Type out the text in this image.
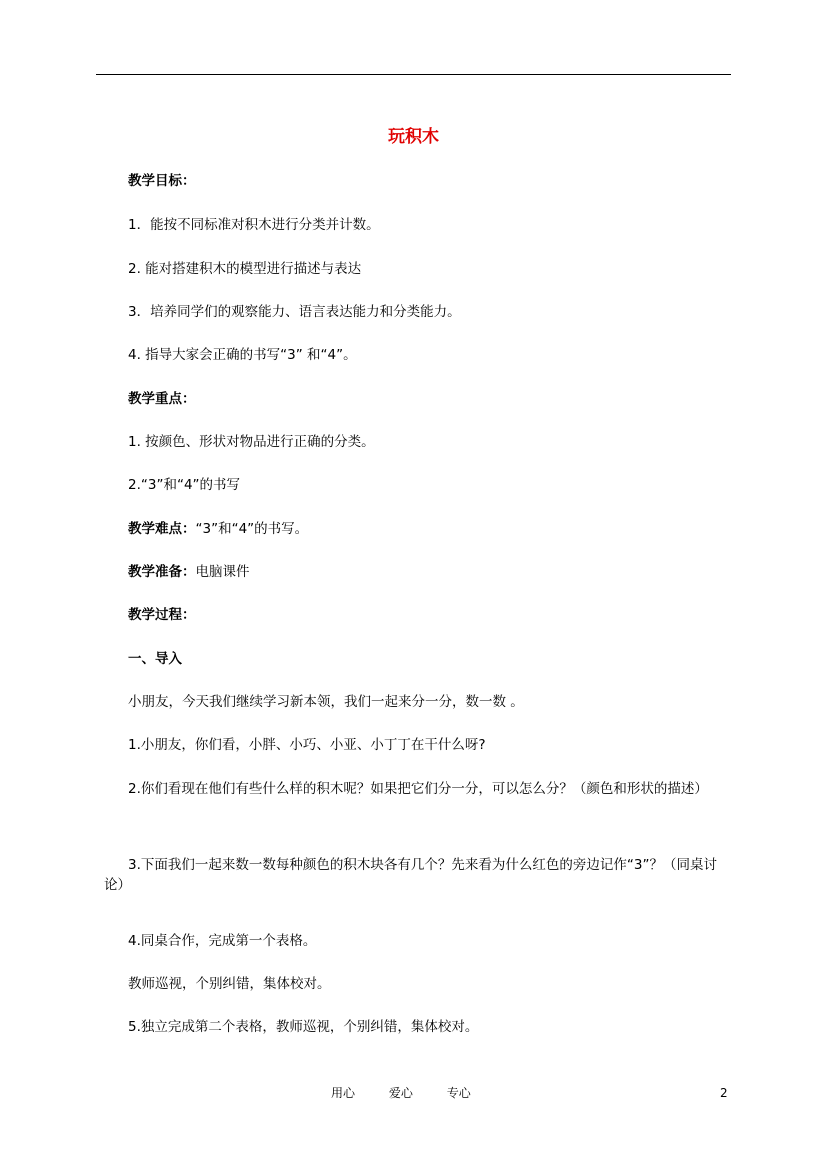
玩积木
教学目标：
1．能按不同标准对积木进行分类并计数。
2. 能对搭建积木的模型进行描述与表达
3．培养同学们的观察能力、语言表达能力和分类能力。
4. 指导大家会正确的书写“3” 和“4”。
教学重点：
1. 按颜色、形状对物品进行正确的分类。
2.“3”和“4”的书写
教学难点：“3”和“4”的书写。
教学准备：电脑课件
教学过程：
一、导入
小朋友，今天我们继续学习新本领，我们一起来分一分，数一数 。
1.小朋友，你们看，小胖、小巧、小亚、小丁丁在干什么呀?
2.你们看现在他们有些什么样的积木呢？如果把它们分一分，可以怎么分？（颜色和形状的描述）
3.下面我们一起来数一数每种颜色的积木块各有几个？先来看为什么红色的旁边记作“3”？（同桌讨论）
4.同桌合作，完成第一个表格。
教师巡视，个别纠错，集体校对。
5.独立完成第二个表格，教师巡视，个别纠错，集体校对。
用心	爱心	专心	2
